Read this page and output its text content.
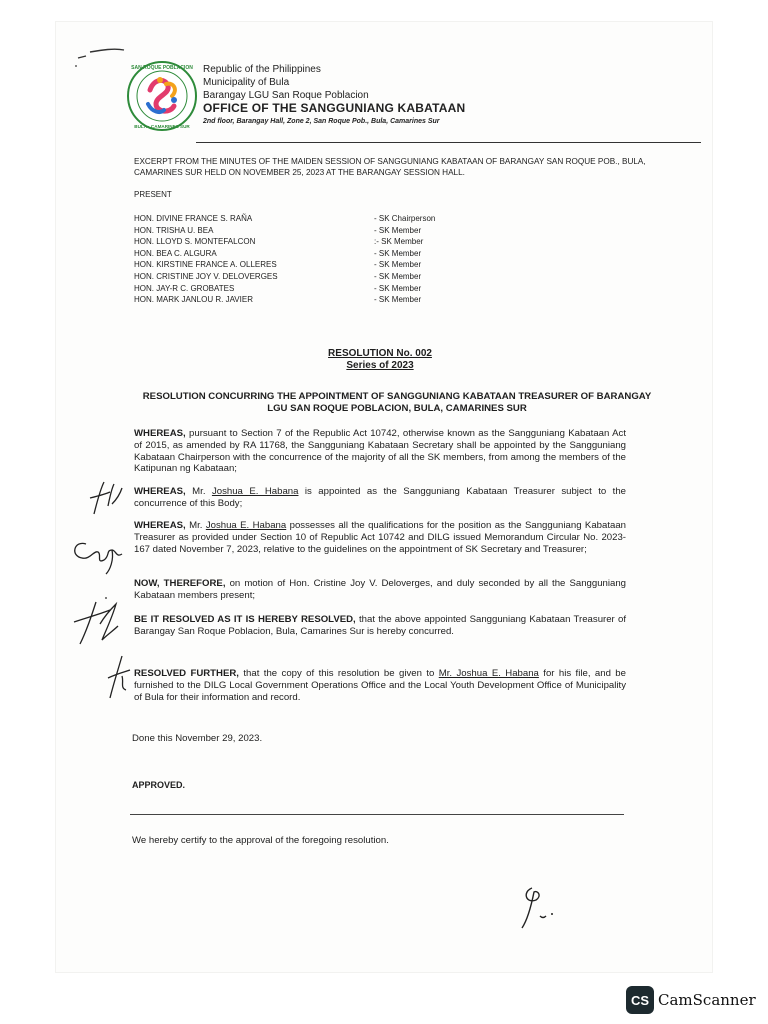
SAN ROQUE POBLACION
BULA · CAMARINES SUR
Republic of the Philippines
Municipality of Bula
Barangay LGU San Roque Poblacion
OFFICE OF THE SANGGUNIANG KABATAAN
2nd floor, Barangay Hall, Zone 2, San Roque Pob., Bula, Camarines Sur
EXCERPT FROM THE MINUTES OF THE MAIDEN SESSION OF SANGGUNIANG KABATAAN OF BARANGAY SAN ROQUE POB., BULA, CAMARINES SUR HELD ON NOVEMBER 25, 2023 AT THE BARANGAY SESSION HALL.
PRESENT
HON. DIVINE FRANCE S. RAÑA	- SK Chairperson
HON. TRISHA U. BEA	- SK Member
HON. LLOYD S. MONTEFALCON	:- SK Member
HON. BEA C. ALGURA	- SK Member
HON. KIRSTINE FRANCE A. OLLERES	- SK Member
HON. CRISTINE JOY V. DELOVERGES	- SK Member
HON. JAY-R C. GROBATES	- SK Member
HON. MARK JANLOU R. JAVIER	- SK Member
RESOLUTION No. 002
Series of 2023
RESOLUTION CONCURRING THE APPOINTMENT OF SANGGUNIANG KABATAAN TREASURER OF BARANGAY LGU SAN ROQUE POBLACION, BULA, CAMARINES SUR
WHEREAS, pursuant to Section 7 of the Republic Act 10742, otherwise known as the Sangguniang Kabataan Act of 2015, as amended by RA 11768, the Sangguniang Kabataan Secretary shall be appointed by the Sangguniang Kabataan Chairperson with the concurrence of the majority of all the SK members, from among the members of the Katipunan ng Kabataan;
WHEREAS, Mr. Joshua E. Habana is appointed as the Sangguniang Kabataan Treasurer subject to the concurrence of this Body;
WHEREAS, Mr. Joshua E. Habana possesses all the qualifications for the position as the Sangguniang Kabataan Treasurer as provided under Section 10 of Republic Act 10742 and DILG issued Memorandum Circular No. 2023-167 dated November 7, 2023, relative to the guidelines on the appointment of SK Secretary and Treasurer;
NOW, THEREFORE, on motion of Hon. Cristine Joy V. Deloverges, and duly seconded by all the Sangguniang Kabataan members present;
BE IT RESOLVED AS IT IS HEREBY RESOLVED, that the above appointed Sangguniang Kabataan Treasurer of Barangay San Roque Poblacion, Bula, Camarines Sur is hereby concurred.
RESOLVED FURTHER, that the copy of this resolution be given to Mr. Joshua E. Habana for his file, and be furnished to the DILG Local Government Operations Office and the Local Youth Development Office of Municipality of Bula for their information and record.
Done this November 29, 2023.
APPROVED.
We hereby certify to the approval of the foregoing resolution.
CS CamScanner
